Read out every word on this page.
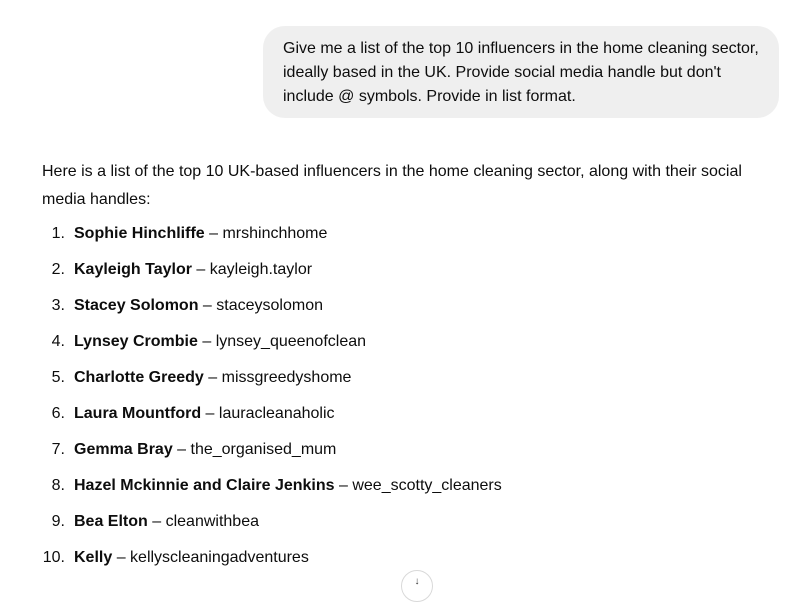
Give me a list of the top 10 influencers in the home cleaning sector, ideally based in the UK. Provide social media handle but don't include @ symbols. Provide in list format.

Here is a list of the top 10 UK-based influencers in the home cleaning sector, along with their social media handles:

1. Sophie Hinchliffe – mrshinchhome
2. Kayleigh Taylor – kayleigh.taylor
3. Stacey Solomon – staceysolomon
4. Lynsey Crombie – lynsey_queenofclean
5. Charlotte Greedy – missgreedyshome
6. Laura Mountford – lauracleanaholic
7. Gemma Bray – the_organised_mum
8. Hazel Mckinnie and Claire Jenkins – wee_scotty_cleaners
9. Bea Elton – cleanwithbea
10. Kelly – kellyscleaningadventures
↓
